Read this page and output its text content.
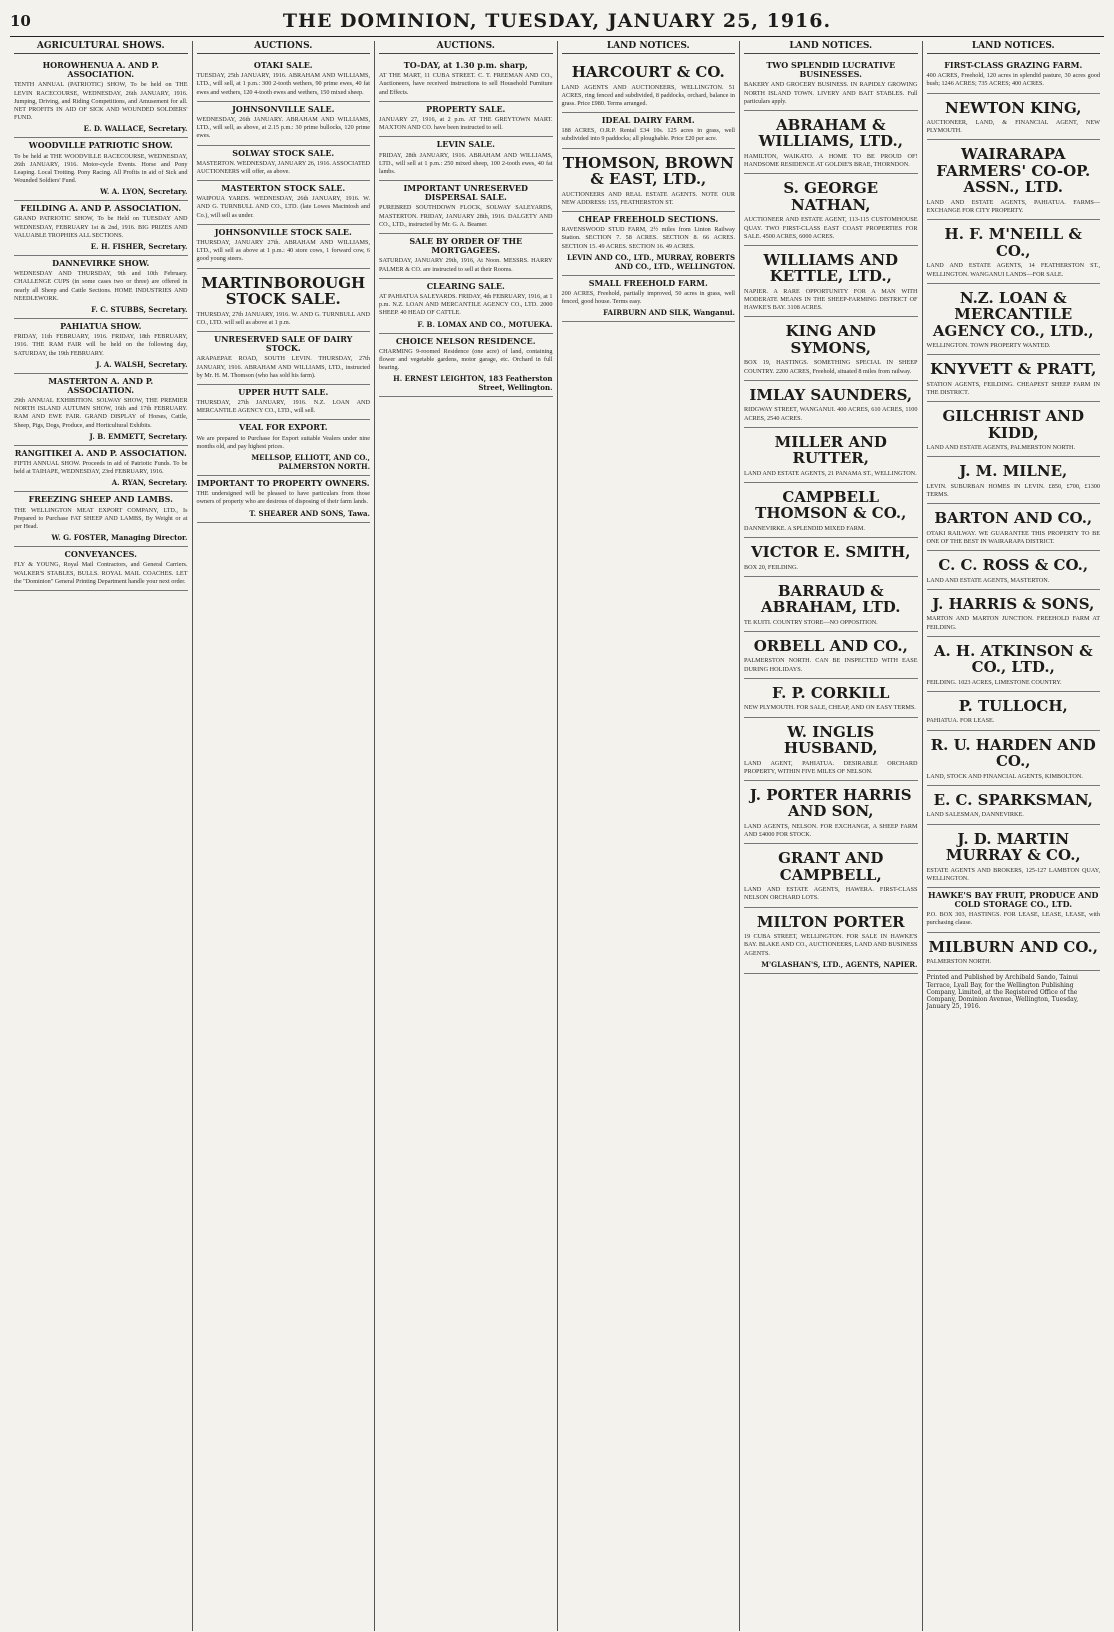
10	THE DOMINION, TUESDAY, JANUARY 25, 1916.
AGRICULTURAL SHOWS.
HOROWHENUA A. AND P. ASSOCIATION.
TENTH ANNUAL (PATRIOTIC) SHOW, To be held on THE LEVIN RACECOURSE, WEDNESDAY, 26th JANUARY, 1916. Jumping, Driving, and Riding Competitions, and Amusement for all. NET PROFITS IN AID OF SICK AND WOUNDED SOLDIERS' FUND.
E. D. WALLACE, Secretary.
WOODVILLE PATRIOTIC SHOW.
To be held at THE WOODVILLE RACECOURSE, WEDNESDAY, 26th JANUARY, 1916. Motor-cycle Events. Horse and Pony Leaping. Local Trotting. Pony Racing. All Profits in aid of Sick and Wounded Soldiers' Fund.
W. A. LYON, Secretary.
FEILDING A. AND P. ASSOCIATION.
GRAND PATRIOTIC SHOW, To be Held on TUESDAY AND WEDNESDAY, FEBRUARY 1st & 2nd, 1916. BIG PRIZES AND VALUABLE TROPHIES ALL SECTIONS.
E. H. FISHER, Secretary.
DANNEVIRKE SHOW.
WEDNESDAY AND THURSDAY, 9th and 10th February. CHALLENGE CUPS (in some cases two or three) are offered in nearly all Sheep and Cattle Sections. HOME INDUSTRIES AND NEEDLEWORK.
F. C. STUBBS, Secretary.
PAHIATUA SHOW.
FRIDAY, 11th FEBRUARY, 1916. FRIDAY, 18th FEBRUARY, 1916. THE RAM FAIR will be held on the following day, SATURDAY, the 19th FEBRUARY.
J. A. WALSH, Secretary.
MASTERTON A. AND P. ASSOCIATION.
29th ANNUAL EXHIBITION. SOLWAY SHOW, THE PREMIER NORTH ISLAND AUTUMN SHOW, 16th and 17th FEBRUARY. RAM AND EWE FAIR. GRAND DISPLAY of Horses, Cattle, Sheep, Pigs, Dogs, Produce, and Horticultural Exhibits.
J. B. EMMETT, Secretary.
RANGITIKEI A. AND P. ASSOCIATION.
FIFTH ANNUAL SHOW. Proceeds in aid of Patriotic Funds. To be held at TAIHAPE, WEDNESDAY, 23rd FEBRUARY, 1916.
A. RYAN, Secretary.
FREEZING SHEEP AND LAMBS.
THE WELLINGTON MEAT EXPORT COMPANY, LTD., Is Prepared to Purchase FAT SHEEP AND LAMBS, By Weight or at per Head.
W. G. FOSTER, Managing Director.
CONVEYANCES.
FLY & YOUNG, Royal Mail Contractors, and General Carriers. WALKER'S STABLES, BULLS. ROYAL MAIL COACHES. LET the "Dominion" General Printing Department handle your next order.
AUCTIONS.
OTAKI SALE.
TUESDAY, 25th JANUARY, 1916. ABRAHAM AND WILLIAMS, LTD., will sell, at 1 p.m.: 300 2-tooth wethers, 90 prime ewes, 40 fat ewes and wethers, 120 4-tooth ewes and wethers, 150 mixed sheep.
JOHNSONVILLE SALE.
WEDNESDAY, 26th JANUARY. ABRAHAM AND WILLIAMS, LTD., will sell, as above, at 2.15 p.m.: 30 prime bullocks, 120 prime ewes.
SOLWAY STOCK SALE.
MASTERTON. WEDNESDAY, JANUARY 26, 1916. ASSOCIATED AUCTIONEERS will offer, as above.
MASTERTON STOCK SALE.
WAIPOUA YARDS. WEDNESDAY, 26th JANUARY, 1916. W. AND G. TURNBULL AND CO., LTD. (late Lowes Macintosh and Co.), will sell as under.
JOHNSONVILLE STOCK SALE.
THURSDAY, JANUARY 27th. ABRAHAM AND WILLIAMS, LTD., will sell as above at 1 p.m.: 40 store cows, 1 forward cow, 6 good young steers.
MARTINBOROUGH STOCK SALE.
THURSDAY, 27th JANUARY, 1916. W. AND G. TURNBULL AND CO., LTD. will sell as above at 1 p.m.
UNRESERVED SALE OF DAIRY STOCK.
ARAPAEPAE ROAD, SOUTH LEVIN. THURSDAY, 27th JANUARY, 1916. ABRAHAM AND WILLIAMS, LTD., instructed by Mr. H. M. Thomson (who has sold his farm).
UPPER HUTT SALE.
THURSDAY, 27th JANUARY, 1916. N.Z. LOAN AND MERCANTILE AGENCY CO., LTD., will sell.
VEAL FOR EXPORT.
We are prepared to Purchase for Export suitable Vealers under nine months old, and pay highest prices.
MELLSOP, ELLIOTT, AND CO., PALMERSTON NORTH.
IMPORTANT TO PROPERTY OWNERS.
THE undersigned will be pleased to have particulars from those owners of property who are desirous of disposing of their farm lands.
T. SHEARER AND SONS, Tawa.
AUCTIONS.
TO-DAY, at 1.30 p.m. sharp,
AT THE MART, 11 CUBA STREET. C. T. FREEMAN AND CO., Auctioneers, have received instructions to sell Household Furniture and Effects.
PROPERTY SALE.
JANUARY 27, 1916, at 2 p.m. AT THE GREYTOWN MART. MAXTON AND CO. have been instructed to sell.
LEVIN SALE.
FRIDAY, 28th JANUARY, 1916. ABRAHAM AND WILLIAMS, LTD., will sell at 1 p.m.: 250 mixed sheep, 100 2-tooth ewes, 40 fat lambs.
IMPORTANT UNRESERVED DISPERSAL SALE.
PUREBRED SOUTHDOWN FLOCK, SOLWAY SALEYARDS, MASTERTON. FRIDAY, JANUARY 28th, 1916. DALGETY AND CO., LTD., instructed by Mr. G. A. Beamer.
SALE BY ORDER OF THE MORTGAGEES.
SATURDAY, JANUARY 29th, 1916, At Noon. MESSRS. HARRY PALMER & CO. are instructed to sell at their Rooms.
CLEARING SALE.
AT PAHIATUA SALEYARDS. FRIDAY, 4th FEBRUARY, 1916, at 1 p.m. N.Z. LOAN AND MERCANTILE AGENCY CO., LTD. 2000 SHEEP. 40 HEAD OF CATTLE.
F. B. LOMAX AND CO., MOTUEKA.
CHOICE NELSON RESIDENCE.
CHARMING 9-roomed Residence (one acre) of land, containing flower and vegetable gardens, motor garage, etc. Orchard in full bearing.
H. ERNEST LEIGHTON, 183 Featherston Street, Wellington.
LAND NOTICES.
HARCOURT & CO.
LAND AGENTS AND AUCTIONEERS, WELLINGTON. 51 ACRES, ring fenced and subdivided, 8 paddocks, orchard, balance in grass. Price £980. Terms arranged.
IDEAL DAIRY FARM.
188 ACRES, O.R.P. Rental £34 10s. 125 acres in grass, well subdivided into 9 paddocks; all ploughable. Price £20 per acre.
THOMSON, BROWN & EAST, LTD.,
AUCTIONEERS AND REAL ESTATE AGENTS. NOTE OUR NEW ADDRESS: 155, FEATHERSTON ST.
CHEAP FREEHOLD SECTIONS.
RAVENSWOOD STUD FARM, 2½ miles from Linton Railway Station. SECTION 7. 58 ACRES. SECTION 8. 66 ACRES. SECTION 15. 49 ACRES. SECTION 16. 49 ACRES.
LEVIN AND CO., LTD., MURRAY, ROBERTS AND CO., LTD., WELLINGTON.
SMALL FREEHOLD FARM.
200 ACRES, Freehold, partially improved, 50 acres in grass, well fenced, good house. Terms easy.
FAIRBURN AND SILK, Wanganui.
LAND NOTICES.
TWO SPLENDID LUCRATIVE BUSINESSES.
BAKERY AND GROCERY BUSINESS. IN RAPIDLY GROWING NORTH ISLAND TOWN. LIVERY AND BAIT STABLES. Full particulars apply.
ABRAHAM & WILLIAMS, LTD.,
HAMILTON, WAIKATO. A HOME TO BE PROUD OF! HANDSOME RESIDENCE AT GOLDIE'S BRAE, THORNDON.
S. GEORGE NATHAN,
AUCTIONEER AND ESTATE AGENT, 113-115 CUSTOMHOUSE QUAY. TWO FIRST-CLASS EAST COAST PROPERTIES FOR SALE. 4500 ACRES, 6000 ACRES.
WILLIAMS AND KETTLE, LTD.,
NAPIER. A RARE OPPORTUNITY FOR A MAN WITH MODERATE MEANS IN THE SHEEP-FARMING DISTRICT OF HAWKE'S BAY. 3108 ACRES.
KING AND SYMONS,
BOX 19, HASTINGS. SOMETHING SPECIAL IN SHEEP COUNTRY. 2200 ACRES, Freehold, situated 8 miles from railway.
IMLAY SAUNDERS,
RIDGWAY STREET, WANGANUI. 400 ACRES, 610 ACRES, 1100 ACRES, 2540 ACRES.
MILLER AND RUTTER,
LAND AND ESTATE AGENTS, 21 PANAMA ST., WELLINGTON.
CAMPBELL THOMSON & CO.,
DANNEVIRKE. A SPLENDID MIXED FARM.
VICTOR E. SMITH,
BOX 20, FEILDING.
BARRAUD & ABRAHAM, LTD.
TE KUITI. COUNTRY STORE—NO OPPOSITION.
ORBELL AND CO.,
PALMERSTON NORTH. CAN BE INSPECTED WITH EASE DURING HOLIDAYS.
F. P. CORKILL
NEW PLYMOUTH. FOR SALE, CHEAP, AND ON EASY TERMS.
W. INGLIS HUSBAND,
LAND AGENT, PAHIATUA. DESIRABLE ORCHARD PROPERTY, WITHIN FIVE MILES OF NELSON.
J. PORTER HARRIS AND SON,
LAND AGENTS, NELSON. FOR EXCHANGE, A SHEEP FARM AND £4000 FOR STOCK.
GRANT AND CAMPBELL,
LAND AND ESTATE AGENTS, HAWERA. FIRST-CLASS NELSON ORCHARD LOTS.
MILTON PORTER
19 CUBA STREET, WELLINGTON. FOR SALE IN HAWKE'S BAY. BLAKE AND CO., AUCTIONEERS, LAND AND BUSINESS AGENTS.
M'GLASHAN'S, LTD., AGENTS, NAPIER.
LAND NOTICES.
FIRST-CLASS GRAZING FARM.
400 ACRES, Freehold, 120 acres in splendid pasture, 30 acres good bush; 1246 ACRES; 735 ACRES; 400 ACRES.
NEWTON KING,
AUCTIONEER, LAND, & FINANCIAL AGENT, NEW PLYMOUTH.
WAIRARAPA FARMERS' CO-OP. ASSN., LTD.
LAND AND ESTATE AGENTS, PAHIATUA. FARMS—EXCHANGE FOR CITY PROPERTY.
H. F. M'NEILL & CO.,
LAND AND ESTATE AGENTS, 14 FEATHERSTON ST., WELLINGTON. WANGANUI LANDS—FOR SALE.
N.Z. LOAN & MERCANTILE AGENCY CO., LTD.,
WELLINGTON. TOWN PROPERTY WANTED.
KNYVETT & PRATT,
STATION AGENTS, FEILDING. CHEAPEST SHEEP FARM IN THE DISTRICT.
GILCHRIST AND KIDD,
LAND AND ESTATE AGENTS, PALMERSTON NORTH.
J. M. MILNE,
LEVIN. SUBURBAN HOMES IN LEVIN. £850, £700, £1300 TERMS.
BARTON AND CO.,
OTAKI RAILWAY. WE GUARANTEE THIS PROPERTY TO BE ONE OF THE BEST IN WAIRARAPA DISTRICT.
C. C. ROSS & CO.,
LAND AND ESTATE AGENTS, MASTERTON.
J. HARRIS & SONS,
MARTON AND MARTON JUNCTION. FREEHOLD FARM AT FEILDING.
A. H. ATKINSON & CO., LTD.,
FEILDING. 1023 ACRES, LIMESTONE COUNTRY.
P. TULLOCH,
PAHIATUA. FOR LEASE.
R. U. HARDEN AND CO.,
LAND, STOCK AND FINANCIAL AGENTS, KIMBOLTON.
E. C. SPARKSMAN,
LAND SALESMAN, DANNEVIRKE.
J. D. MARTIN MURRAY & CO.,
ESTATE AGENTS AND BROKERS, 125-127 LAMBTON QUAY, WELLINGTON.
HAWKE'S BAY FRUIT, PRODUCE AND COLD STORAGE CO., LTD.
P.O. BOX 303, HASTINGS. FOR LEASE, LEASE, LEASE, with purchasing clause.
MILBURN AND CO.,
PALMERSTON NORTH.
Printed and Published by Archibald Sando, Tainui Terrace, Lyall Bay, for the Wellington Publishing Company, Limited, at the Registered Office of the Company, Dominion Avenue, Wellington, Tuesday, January 25, 1916.
